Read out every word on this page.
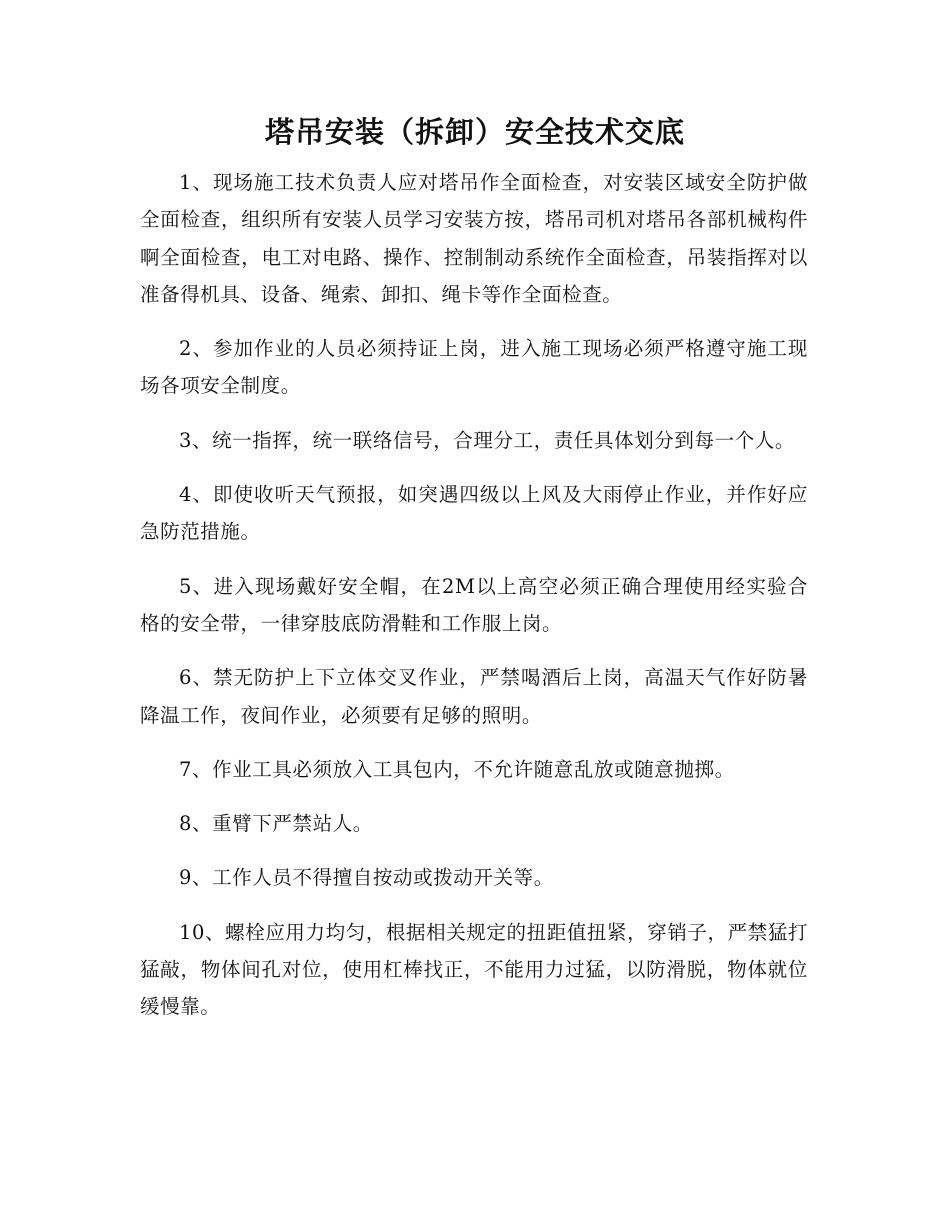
塔吊安装（拆卸）安全技术交底

1、现场施工技术负责人应对塔吊作全面检查，对安装区域安全防护做全面检查，组织所有安装人员学习安装方按，塔吊司机对塔吊各部机械构件啊全面检查，电工对电路、操作、控制制动系统作全面检查，吊装指挥对以准备得机具、设备、绳索、卸扣、绳卡等作全面检查。

2、参加作业的人员必须持证上岗，进入施工现场必须严格遵守施工现场各项安全制度。

3、统一指挥，统一联络信号，合理分工，责任具体划分到每一个人。

4、即使收听天气预报，如突遇四级以上风及大雨停止作业，并作好应急防范措施。

5、进入现场戴好安全帽，在2M以上高空必须正确合理使用经实验合格的安全带，一律穿肢底防滑鞋和工作服上岗。

6、禁无防护上下立体交叉作业，严禁喝酒后上岗，高温天气作好防暑降温工作，夜间作业，必须要有足够的照明。

7、作业工具必须放入工具包内，不允许随意乱放或随意抛掷。

8、重臂下严禁站人。

9、工作人员不得擅自按动或拨动开关等。

10、螺栓应用力均匀，根据相关规定的扭距值扭紧，穿销子，严禁猛打猛敲，物体间孔对位，使用杠棒找正，不能用力过猛，以防滑脱，物体就位缓慢靠。
